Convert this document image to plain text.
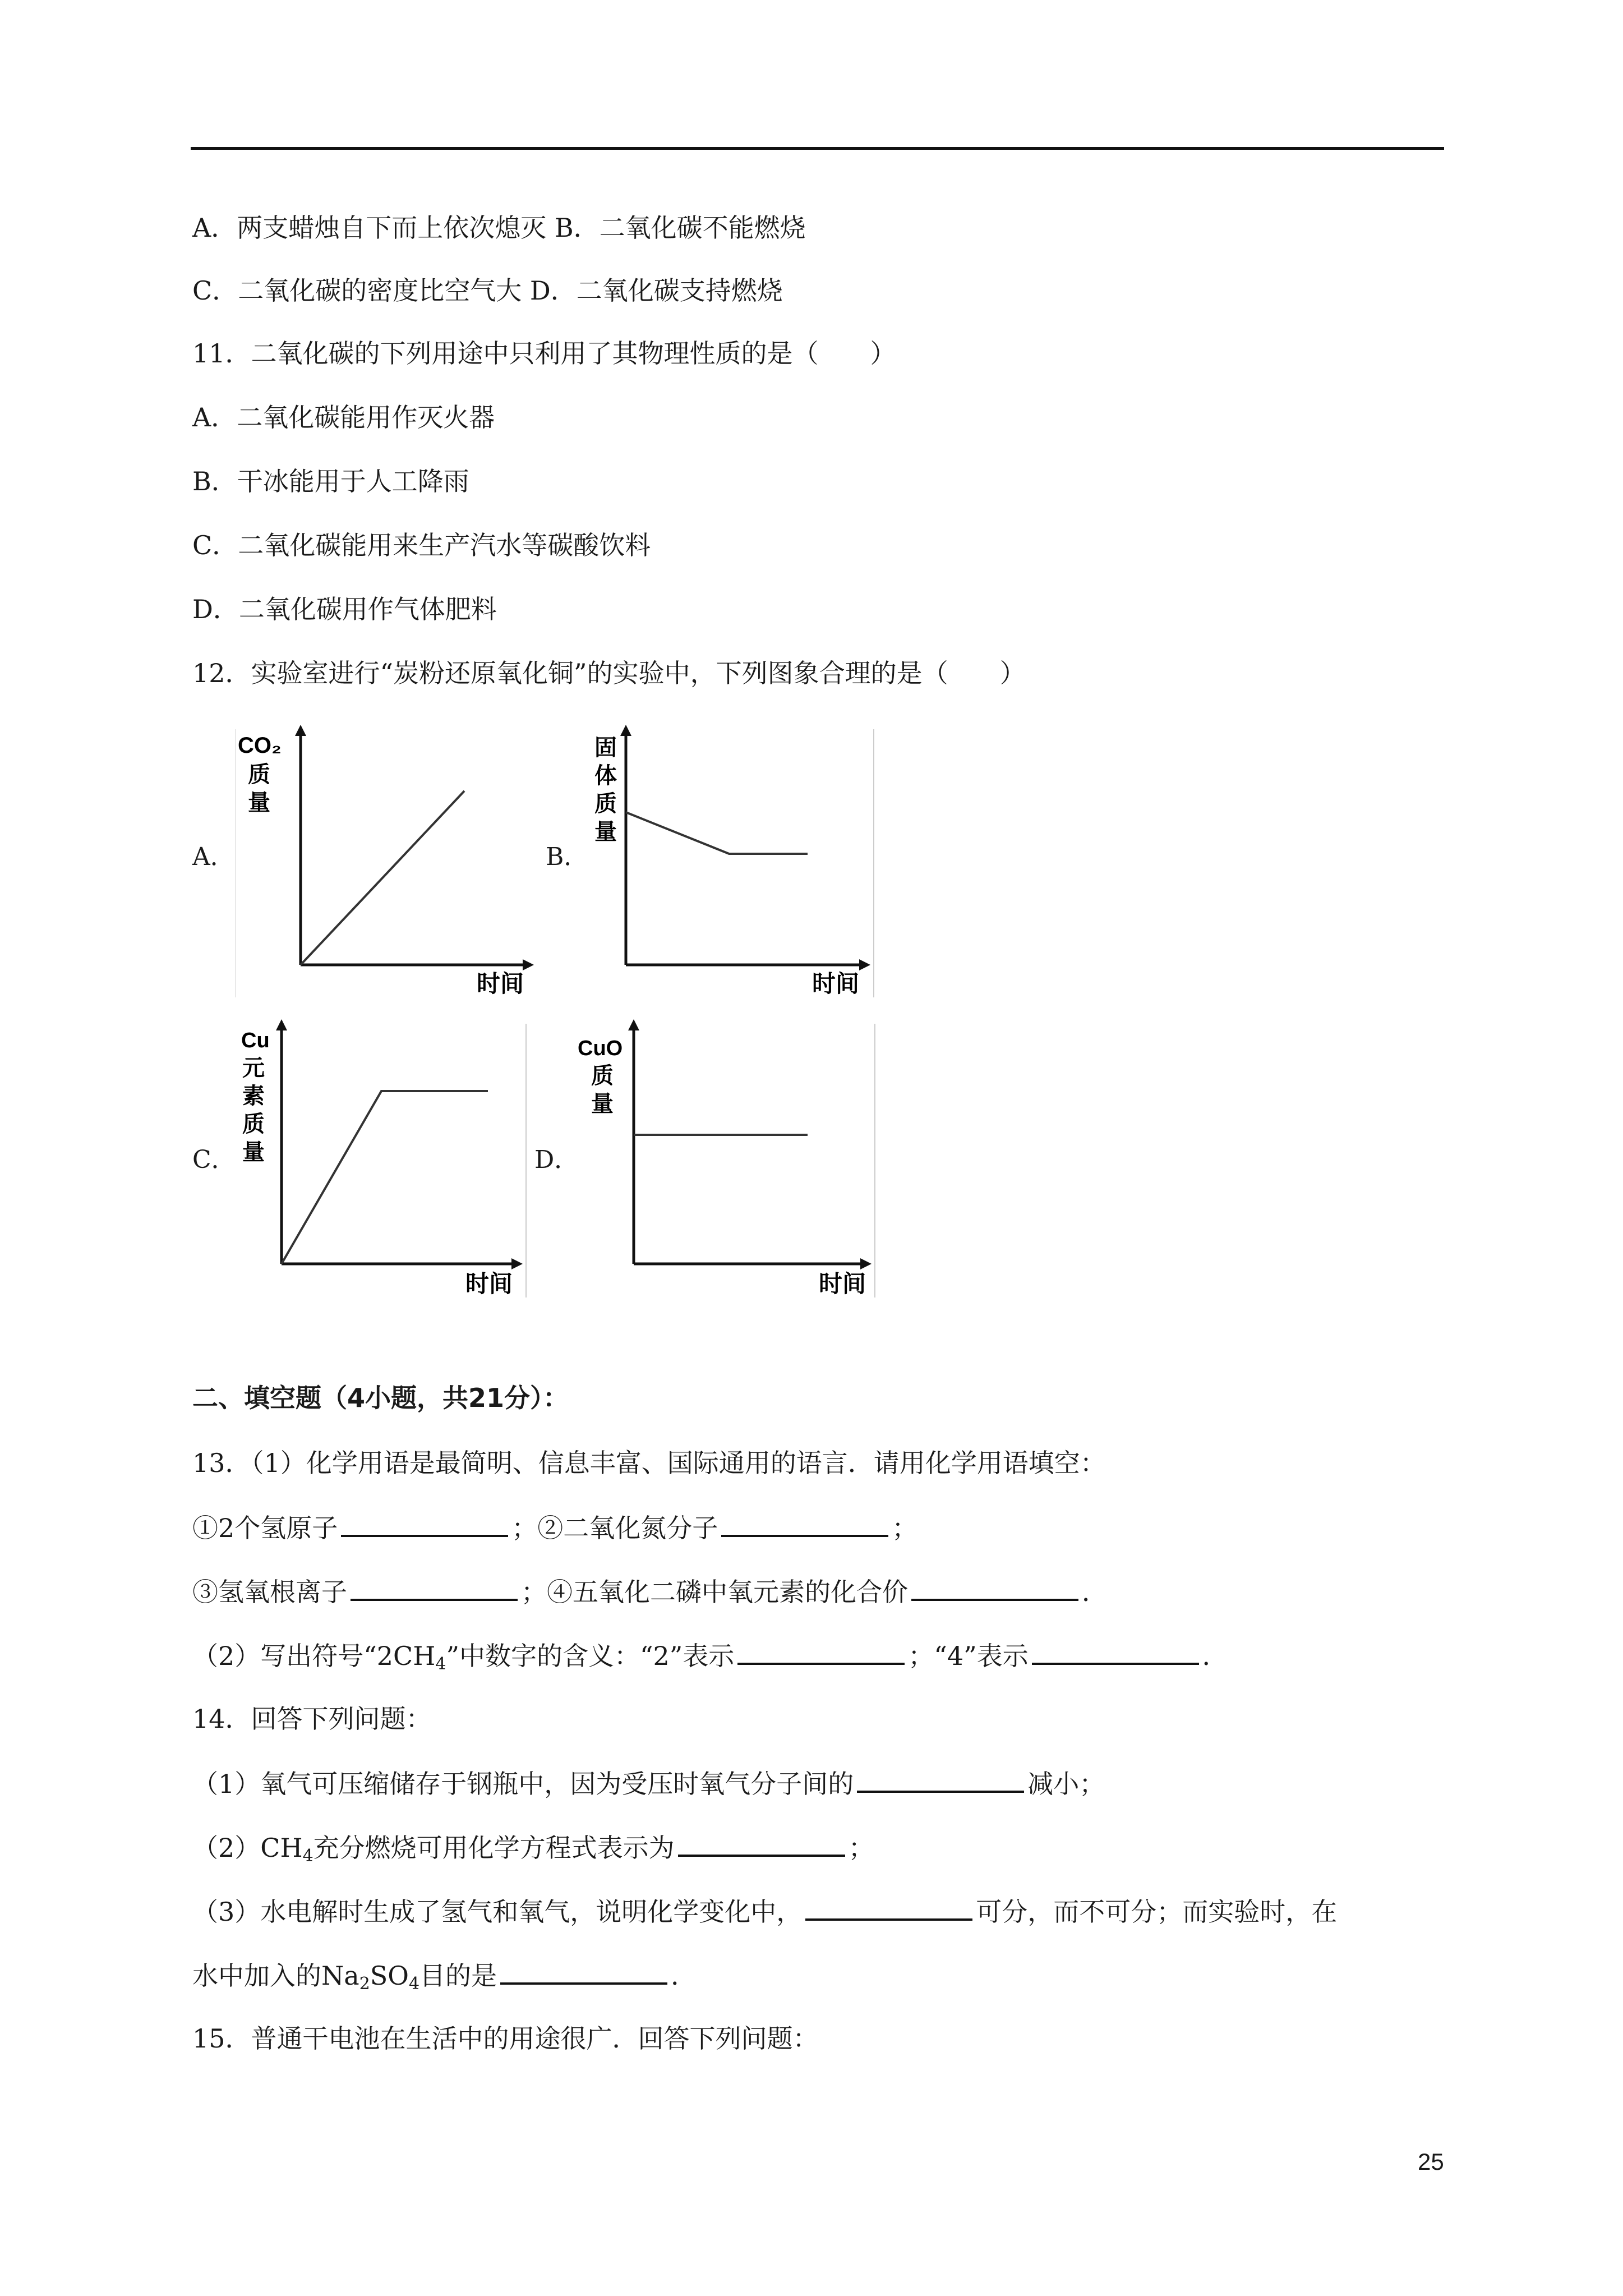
A．两支蜡烛自下而上依次熄灭 B．二氧化碳不能燃烧
C．二氧化碳的密度比空气大 D．二氧化碳支持燃烧
11．二氧化碳的下列用途中只利用了其物理性质的是（　　）
A．二氧化碳能用作灭火器
B．干冰能用于人工降雨
C．二氧化碳能用来生产汽水等碳酸饮料
D．二氧化碳用作气体肥料
12．实验室进行“炭粉还原氧化铜”的实验中，下列图象合理的是（　　）
A．
CO₂
质
量
时间
B．
固
体
质
量
时间
C．
Cu
元
素
质
量
时间
D．
CuO
质
量
时间
二、填空题（4小题，共21分）：
13．（1）化学用语是最简明、信息丰富、国际通用的语言．请用化学用语填空：
①2个氢原子	；②二氧化氮分子	；
③氢氧根离子	；④五氧化二磷中氧元素的化合价	．
（2）写出符号“$2CH_4$”中数字的含义：“2”表示	；“4”表示	．
14．回答下列问题：
（1）氧气可压缩储存于钢瓶中，因为受压时氧气分子间的	减小；
$(2)CH_4$充分燃烧可用化学方程式表示为	；
（3）水电解时生成了氢气和氧气，说明化学变化中，	可分，而不可分；而实验时，在
水中加入的$Na_2SO_4$目的是	．
15．普通干电池在生活中的用途很广．回答下列问题：
25
